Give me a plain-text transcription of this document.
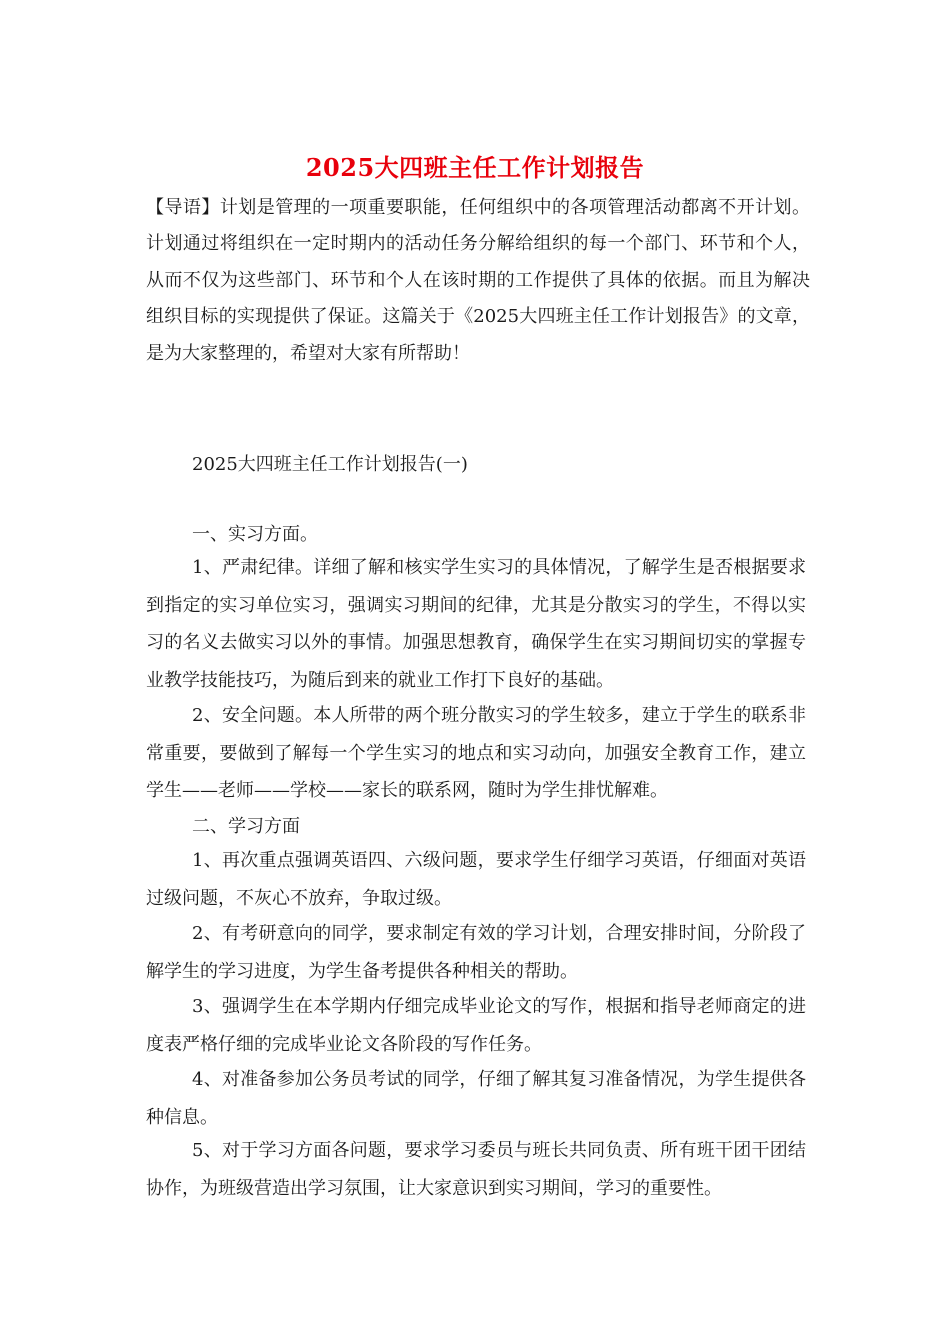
2025大四班主任工作计划报告
【导语】计划是管理的一项重要职能，任何组织中的各项管理活动都离不开计划。计划通过将组织在一定时期内的活动任务分解给组织的每一个部门、环节和个人，从而不仅为这些部门、环节和个人在该时期的工作提供了具体的依据。而且为解决组织目标的实现提供了保证。这篇关于《2025大四班主任工作计划报告》的文章，是为大家整理的，希望对大家有所帮助！
2025大四班主任工作计划报告(一)
一、实习方面。
1、严肃纪律。详细了解和核实学生实习的具体情况，了解学生是否根据要求到指定的实习单位实习，强调实习期间的纪律，尤其是分散实习的学生，不得以实习的名义去做实习以外的事情。加强思想教育，确保学生在实习期间切实的掌握专业教学技能技巧，为随后到来的就业工作打下良好的基础。
2、安全问题。本人所带的两个班分散实习的学生较多，建立于学生的联系非常重要，要做到了解每一个学生实习的地点和实习动向，加强安全教育工作，建立学生——老师——学校——家长的联系网，随时为学生排忧解难。
二、学习方面
1、再次重点强调英语四、六级问题，要求学生仔细学习英语，仔细面对英语过级问题，不灰心不放弃，争取过级。
2、有考研意向的同学，要求制定有效的学习计划，合理安排时间，分阶段了解学生的学习进度，为学生备考提供各种相关的帮助。
3、强调学生在本学期内仔细完成毕业论文的写作，根据和指导老师商定的进度表严格仔细的完成毕业论文各阶段的写作任务。
4、对准备参加公务员考试的同学，仔细了解其复习准备情况，为学生提供各种信息。
5、对于学习方面各问题，要求学习委员与班长共同负责、所有班干团干团结协作，为班级营造出学习氛围，让大家意识到实习期间，学习的重要性。
